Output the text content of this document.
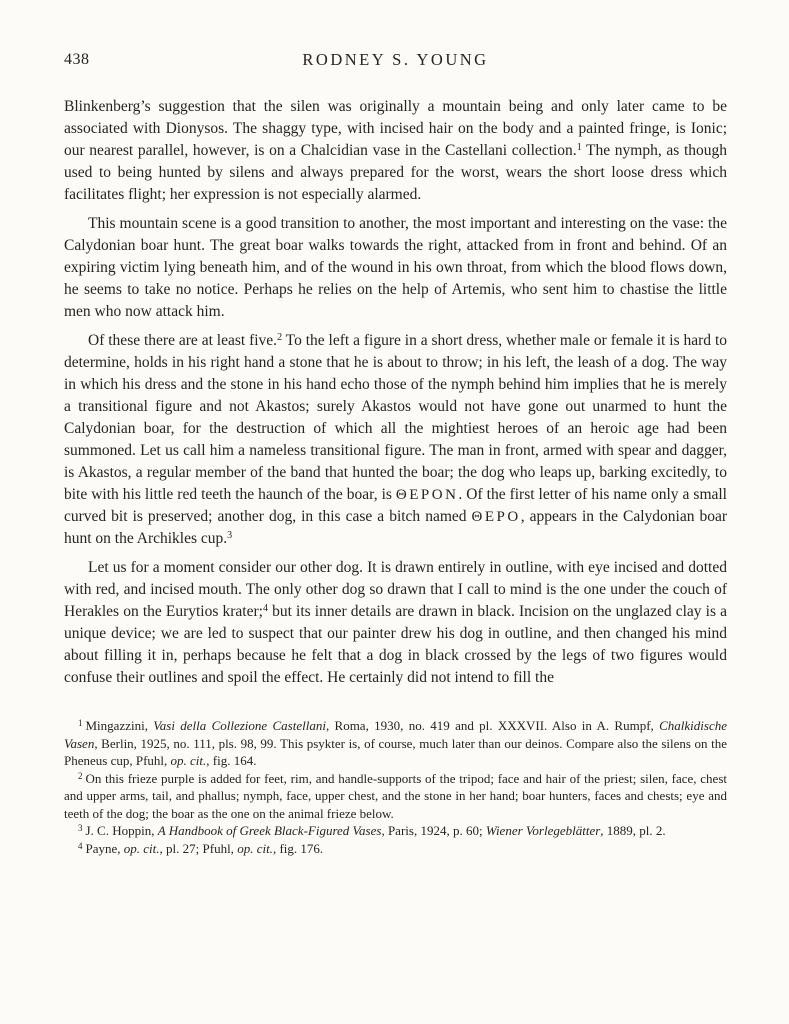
438	RODNEY S. YOUNG

Blinkenberg’s suggestion that the silen was originally a mountain being and only later came to be associated with Dionysos. The shaggy type, with incised hair on the body and a painted fringe, is Ionic; our nearest parallel, however, is on a Chalcidian vase in the Castellani collection.$^1$ The nymph, as though used to being hunted by silens and always prepared for the worst, wears the short loose dress which facilitates flight; her expression is not especially alarmed.

This mountain scene is a good transition to another, the most important and interesting on the vase: the Calydonian boar hunt. The great boar walks towards the right, attacked from in front and behind. Of an expiring victim lying beneath him, and of the wound in his own throat, from which the blood flows down, he seems to take no notice. Perhaps he relies on the help of Artemis, who sent him to chastise the little men who now attack him.

Of these there are at least five.$^2$ To the left a figure in a short dress, whether male or female it is hard to determine, holds in his right hand a stone that he is about to throw; in his left, the leash of a dog. The way in which his dress and the stone in his hand echo those of the nymph behind him implies that he is merely a transitional figure and not Akastos; surely Akastos would not have gone out unarmed to hunt the Calydonian boar, for the destruction of which all the mightiest heroes of an heroic age had been summoned. Let us call him a nameless transitional figure. The man in front, armed with spear and dagger, is Akastos, a regular member of the band that hunted the boar; the dog who leaps up, barking excitedly, to bite with his little red teeth the haunch of the boar, is ΘΕΡΟΝ. Of the first letter of his name only a small curved bit is preserved; another dog, in this case a bitch named ΘΕΡΟ, appears in the Calydonian boar hunt on the Archikles cup.$^3$

Let us for a moment consider our other dog. It is drawn entirely in outline, with eye incised and dotted with red, and incised mouth. The only other dog so drawn that I call to mind is the one under the couch of Herakles on the Eurytios krater;$^4$ but its inner details are drawn in black. Incision on the unglazed clay is a unique device; we are led to suspect that our painter drew his dog in outline, and then changed his mind about filling it in, perhaps because he felt that a dog in black crossed by the legs of two figures would confuse their outlines and spoil the effect. He certainly did not intend to fill the

$^1$ Mingazzini, Vasi della Collezione Castellani, Roma, 1930, no. 419 and pl. XXXVII. Also in A. Rumpf, Chalkidische Vasen, Berlin, 1925, no. 111, pls. 98, 99. This psykter is, of course, much later than our deinos. Compare also the silens on the Pheneus cup, Pfuhl, op. cit., fig. 164.

$^2$ On this frieze purple is added for feet, rim, and handle-supports of the tripod; face and hair of the priest; silen, face, chest and upper arms, tail, and phallus; nymph, face, upper chest, and the stone in her hand; boar hunters, faces and chests; eye and teeth of the dog; the boar as the one on the animal frieze below.

$^3$ J. C. Hoppin, A Handbook of Greek Black-Figured Vases, Paris, 1924, p. 60; Wiener Vorlegeblätter, 1889, pl. 2.

$^4$ Payne, op. cit., pl. 27; Pfuhl, op. cit., fig. 176.
